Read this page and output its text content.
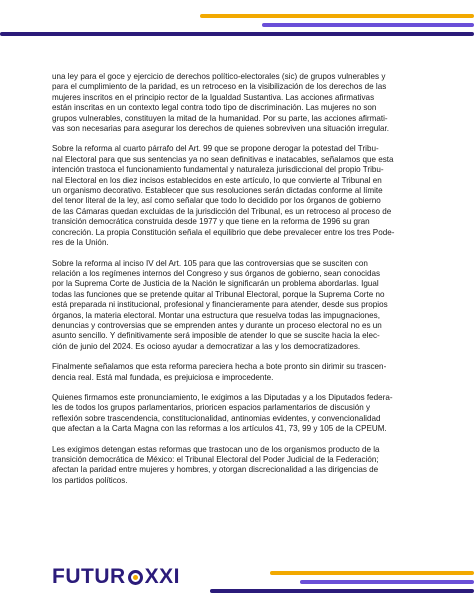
una ley para el goce y ejercicio de derechos político-electorales (sic) de grupos vulnerables y
para el cumplimiento de la paridad, es un retroceso en la visibilización de los derechos de las
mujeres inscritos en el principio rector de la Igualdad Sustantiva. Las acciones afirmativas
están inscritas en un contexto legal contra todo tipo de discriminación. Las mujeres no son
grupos vulnerables, constituyen la mitad de la humanidad. Por su parte, las acciones afirmati-
vas son necesarias para asegurar los derechos de quienes sobreviven una situación irregular.

Sobre la reforma al cuarto párrafo del Art. 99 que se propone derogar la potestad del Tribu-
nal Electoral para que sus sentencias ya no sean definitivas e inatacables, señalamos que esta
intención trastoca el funcionamiento fundamental y naturaleza jurisdiccional del propio Tribu-
nal Electoral en los diez incisos establecidos en este artículo, lo que convierte al Tribunal en
un organismo decorativo. Establecer que sus resoluciones serán dictadas conforme al límite
del tenor literal de la ley, así como señalar que todo lo decidido por los órganos de gobierno
de las Cámaras quedan excluidas de la jurisdicción del Tribunal, es un retroceso al proceso de
transición democrática construida desde 1977 y que tiene en la reforma de 1996 su gran
concreción. La propia Constitución señala el equilibrio que debe prevalecer entre los tres Pode-
res de la Unión.

Sobre la reforma al inciso IV del Art. 105 para que las controversias que se susciten con
relación a los regímenes internos del Congreso y sus órganos de gobierno, sean conocidas
por la Suprema Corte de Justicia de la Nación le significarán un problema abordarlas. Igual
todas las funciones que se pretende quitar al Tribunal Electoral, porque la Suprema Corte no
está preparada ni institucional, profesional y financieramente para atender, desde sus propios
órganos, la materia electoral. Montar una estructura que resuelva todas las impugnaciones,
denuncias y controversias que se emprenden antes y durante un proceso electoral no es un
asunto sencillo. Y definitivamente será imposible de atender lo que se suscite hacia la elec-
ción de junio del 2024. Es ocioso ayudar a democratizar a las y los democratizadores.

Finalmente señalamos que esta reforma pareciera hecha a bote pronto sin dirimir su trascen-
dencia real. Está mal fundada, es prejuiciosa e improcedente.

Quienes firmamos este pronunciamiento, le exigimos a las Diputadas y a los Diputados federa-
les de todos los grupos parlamentarios, prioricen espacios parlamentarios de discusión y
reflexión sobre trascendencia, constitucionalidad, antinomias evidentes, y convencionalidad
que afectan a la Carta Magna con las reformas a los artículos 41, 73, 99 y 105 de la CPEUM.

Les exigimos detengan estas reformas que trastocan uno de los organismos producto de la
transición democrática de México: el Tribunal Electoral del Poder Judicial de la Federación;
afectan la paridad entre mujeres y hombres, y otorgan discrecionalidad a las dirigencias de
los partidos políticos.

FUTUR XXI
